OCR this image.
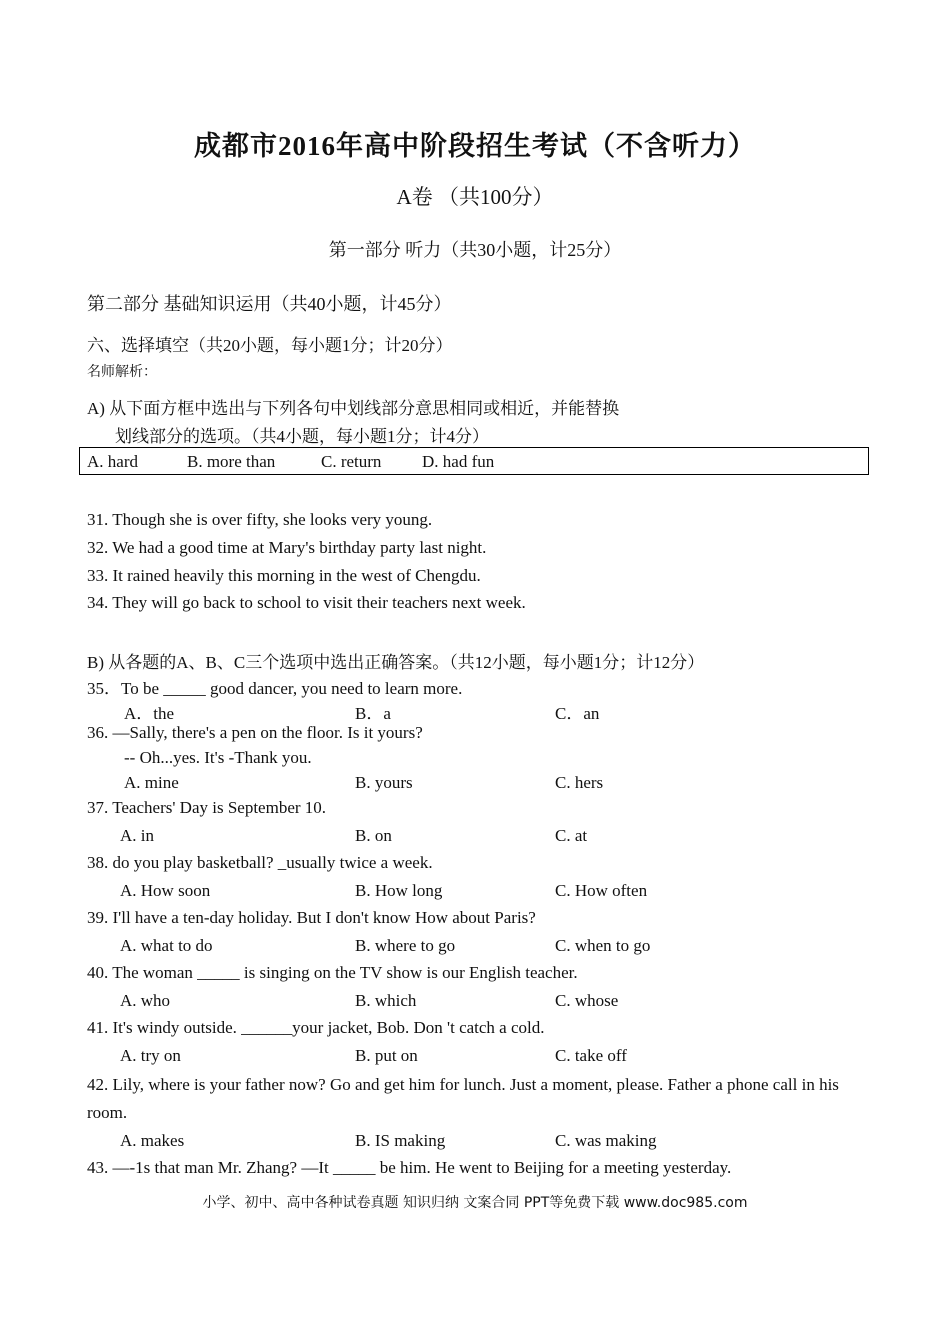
成都市2016年高中阶段招生考试（不含听力）
A卷 （共100分）
第一部分 听力（共30小题，计25分）
第二部分 基础知识运用（共40小题，计45分）
六、选择填空（共20小题，每小题1分；计20分）
名师解析：
A) 从下面方框中选出与下列各句中划线部分意思相同或相近，并能替换
划线部分的选项。（共4小题，每小题1分；计4分）
A. hard	B. more than	C. return D. had fun
31. Though she is over fifty, she looks very young.
32. We had a good time at Mary's birthday party last night.
33. It rained heavily this morning in the west of Chengdu.
34. They will go back to school to visit their teachers next week.
B) 从各题的A、B、C三个选项中选出正确答案。（共12小题，每小题1分；计12分）
35．To be _____ good dancer, you need to learn more.
A．the	B．a	C．an
36. —Sally, there's a pen on the floor. Is it yours?
-- Oh...yes. It's -Thank you.
A. mine	B. yours	C. hers
37. Teachers' Day is September 10.
A. in	B. on	C. at
38. do you play basketball? _usually twice a week.
A. How soon	B. How long	C. How often
39. I'll have a ten-day holiday. But I don't know How about Paris?
A. what to do	B. where to go	C. when to go
40. The woman _____ is singing on the TV show is our English teacher.
A. who	B. which	C. whose
41. It's windy outside. ______your jacket, Bob. Don 't catch a cold.
A. try on	B. put on	C. take off
42. Lily, where is your father now? Go and get him for lunch. Just a moment, please. Father a phone call in his room.
A. makes	B. IS making	C. was making
43. —-1s that man Mr. Zhang? —It _____ be him. He went to Beijing for a meeting yesterday.
小学、初中、高中各种试卷真题 知识归纳 文案合同 PPT等免费下载 www.doc985.com
